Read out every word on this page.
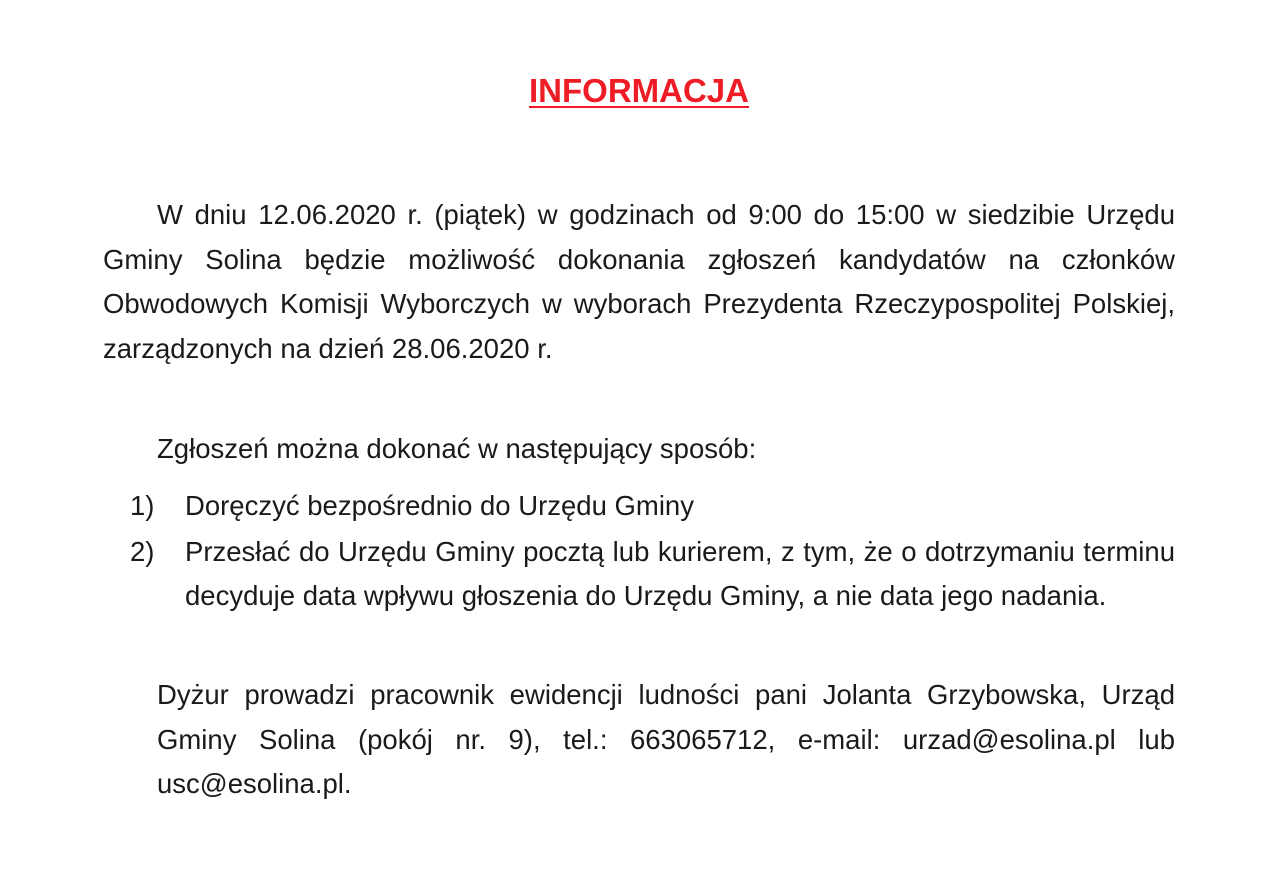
INFORMACJA

W dniu 12.06.2020 r. (piątek) w godzinach od 9:00 do 15:00 w siedzibie Urzędu Gminy Solina będzie możliwość dokonania zgłoszeń kandydatów na członków Obwodowych Komisji Wyborczych w wyborach Prezydenta Rzeczypospolitej Polskiej, zarządzonych na dzień 28.06.2020 r.

Zgłoszeń można dokonać w następujący sposób:

1) Doręczyć bezpośrednio do Urzędu Gminy

2) Przesłać do Urzędu Gminy pocztą lub kurierem, z tym, że o dotrzymaniu terminu decyduje data wpływu głoszenia do Urzędu Gminy, a nie data jego nadania.

Dyżur prowadzi pracownik ewidencji ludności pani Jolanta Grzybowska, Urząd Gminy Solina (pokój nr. 9), tel.: 663065712, e-mail: urzad@esolina.pl lub usc@esolina.pl.
